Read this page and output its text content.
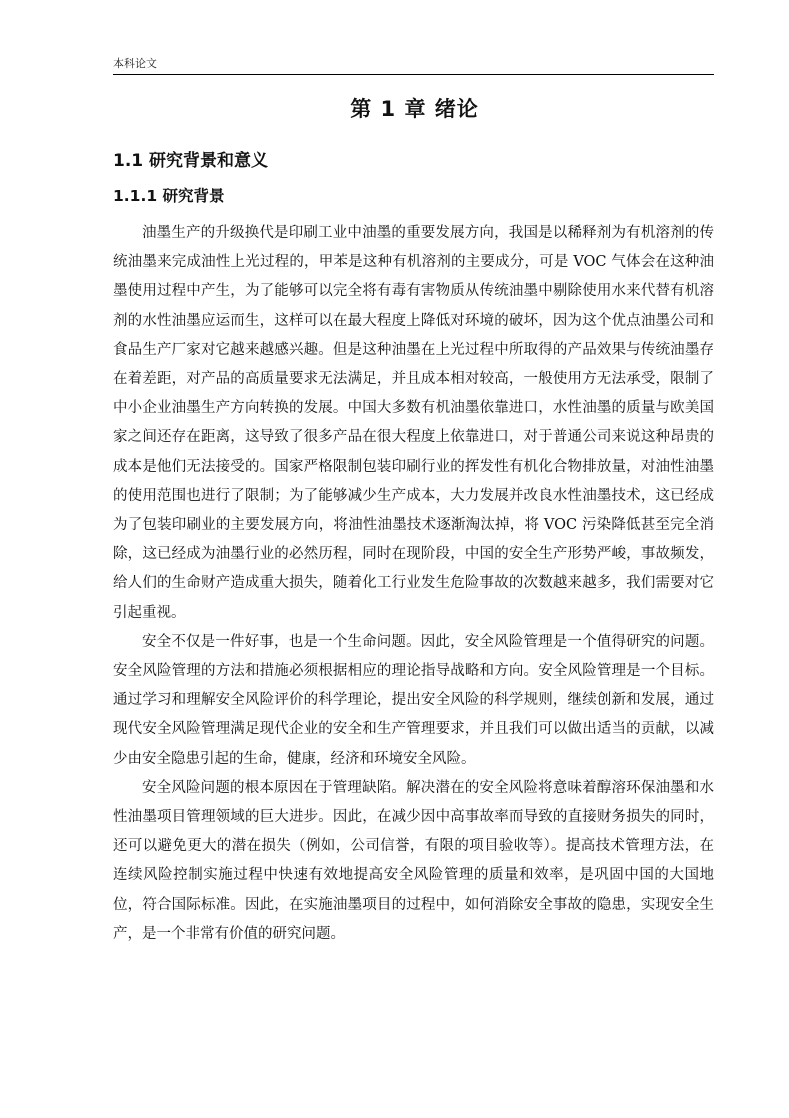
本科论文
第 1 章 绪论
1.1 研究背景和意义
1.1.1 研究背景

油墨生产的升级换代是印刷工业中油墨的重要发展方向，我国是以稀释剂为有机溶剂的传统油墨来完成油性上光过程的，甲苯是这种有机溶剂的主要成分，可是 VOC 气体会在这种油墨使用过程中产生，为了能够可以完全将有毒有害物质从传统油墨中剔除使用水来代替有机溶剂的水性油墨应运而生，这样可以在最大程度上降低对环境的破坏，因为这个优点油墨公司和食品生产厂家对它越来越感兴趣。但是这种油墨在上光过程中所取得的产品效果与传统油墨存在着差距，对产品的高质量要求无法满足，并且成本相对较高，一般使用方无法承受，限制了中小企业油墨生产方向转换的发展。中国大多数有机油墨依靠进口，水性油墨的质量与欧美国家之间还存在距离，这导致了很多产品在很大程度上依靠进口，对于普通公司来说这种昂贵的成本是他们无法接受的。国家严格限制包装印刷行业的挥发性有机化合物排放量，对油性油墨的使用范围也进行了限制；为了能够减少生产成本，大力发展并改良水性油墨技术，这已经成为了包装印刷业的主要发展方向，将油性油墨技术逐渐淘汰掉，将 VOC 污染降低甚至完全消除，这已经成为油墨行业的必然历程，同时在现阶段，中国的安全生产形势严峻，事故频发，给人们的生命财产造成重大损失，随着化工行业发生危险事故的次数越来越多，我们需要对它引起重视。

安全不仅是一件好事，也是一个生命问题。因此，安全风险管理是一个值得研究的问题。安全风险管理的方法和措施必须根据相应的理论指导战略和方向。安全风险管理是一个目标。通过学习和理解安全风险评价的科学理论，提出安全风险的科学规则，继续创新和发展，通过现代安全风险管理满足现代企业的安全和生产管理要求，并且我们可以做出适当的贡献，以减少由安全隐患引起的生命，健康，经济和环境安全风险。

安全风险问题的根本原因在于管理缺陷。解决潜在的安全风险将意味着醇溶环保油墨和水性油墨项目管理领域的巨大进步。因此，在减少因中高事故率而导致的直接财务损失的同时，还可以避免更大的潜在损失（例如，公司信誉，有限的项目验收等）。提高技术管理方法，在连续风险控制实施过程中快速有效地提高安全风险管理的质量和效率，是巩固中国的大国地位，符合国际标准。因此，在实施油墨项目的过程中，如何消除安全事故的隐患，实现安全生产，是一个非常有价值的研究问题。
